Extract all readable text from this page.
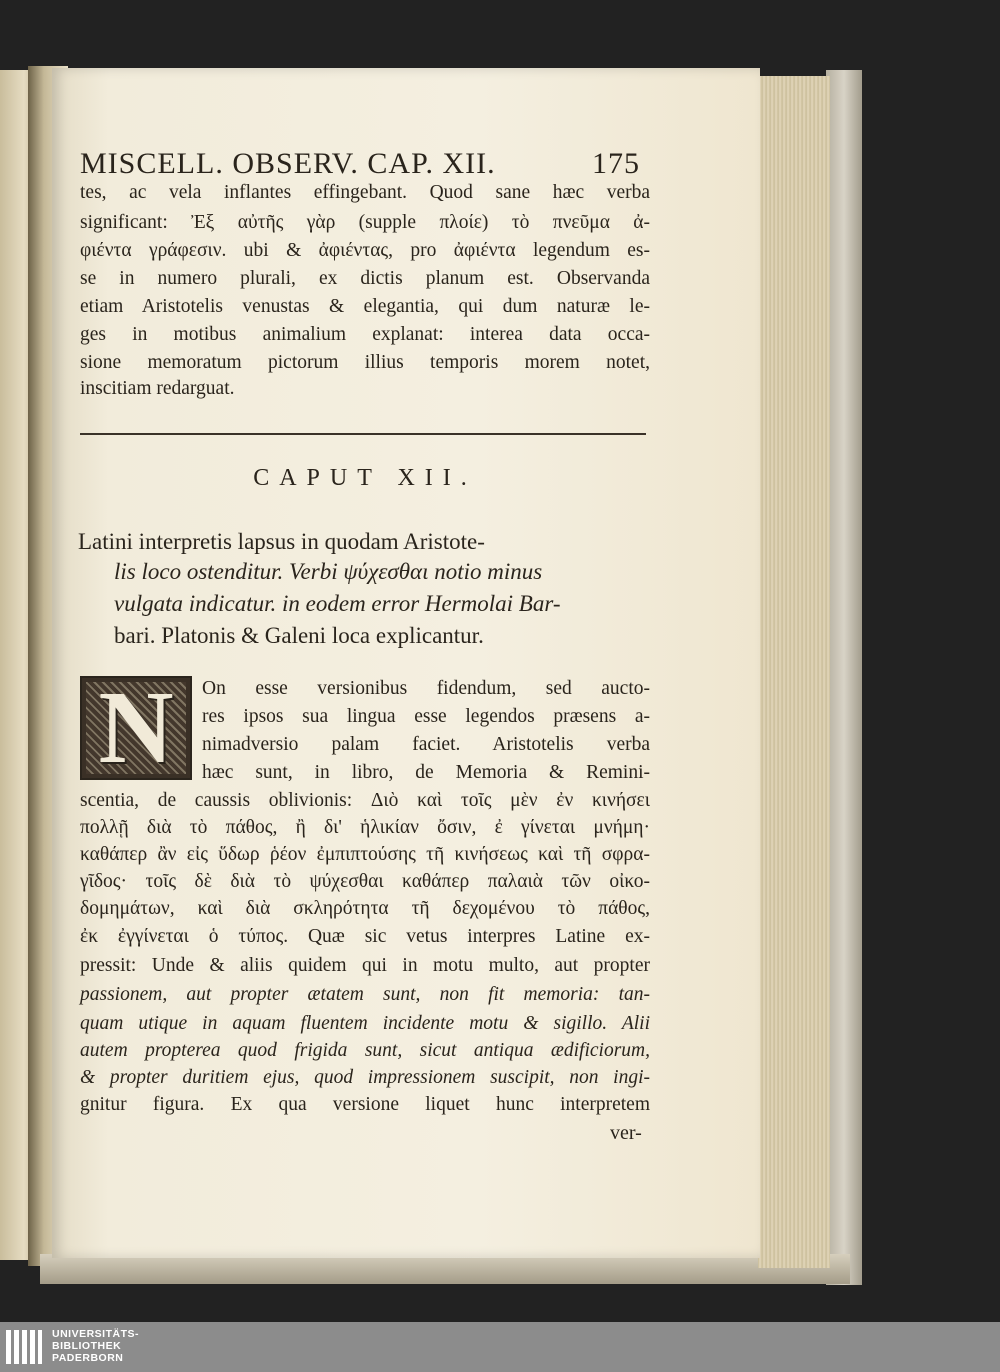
MISCELL. OBSERV. CAP. XII.	175
tes, ac vela inflantes effingebant. Quod sane hæc verba
significant: Ἐξ αὐτῆς γὰρ (supple πλοίε) τὸ πνεῦμα ἀ-
φιέντα γράφεσιν. ubi & ἀφιέντας, pro ἀφιέντα legendum es-
se in numero plurali, ex dictis planum est. Observanda
etiam Aristotelis venustas & elegantia, qui dum naturæ le-
ges in motibus animalium explanat: interea data occa-
sione memoratum pictorum illius temporis morem notet,
inscitiam redarguat.
CAPUT XII.
Latini interpretis lapsus in quodam Aristote-
lis loco ostenditur. Verbi ψύχεσθαι notio minus
vulgata indicatur. in eodem error Hermolai Bar-
bari. Platonis & Galeni loca explicantur.
N	On esse versionibus fidendum, sed aucto-
res ipsos sua lingua esse legendos præsens a-
nimadversio palam faciet. Aristotelis verba
hæc sunt, in libro, de Memoria & Remini-
scentia, de caussis oblivionis: Διὸ καὶ τοῖς μὲν ἐν κινήσει
πολλῇ διὰ τὸ πάθος, ἢ δι' ἡλικίαν ὄσιν, ἐ γίνεται μνήμη·
καθάπερ ἂν εἰς ὕδωρ ῥέον ἐμπιπτούσης τῆ κινήσεως καὶ τῆ σφρα-
γῖδος· τοῖς δὲ διὰ τὸ ψύχεσθαι καθάπερ παλαιὰ τῶν οἰκο-
δομημάτων, καὶ διὰ σκληρότητα τῆ δεχομένου τὸ πάθος,
ἐκ ἐγγίνεται ὁ τύπος. Quæ sic vetus interpres Latine ex-
pressit: Unde & aliis quidem qui in motu multo, aut propter
passionem, aut propter ætatem sunt, non fit memoria: tan-
quam utique in aquam fluentem incidente motu & sigillo. Alii
autem propterea quod frigida sunt, sicut antiqua ædificiorum,
& propter duritiem ejus, quod impressionem suscipit, non ingi-
gnitur figura. Ex qua versione liquet hunc interpretem
ver-
UNIVERSITÄTS-
BIBLIOTHEK
PADERBORN
